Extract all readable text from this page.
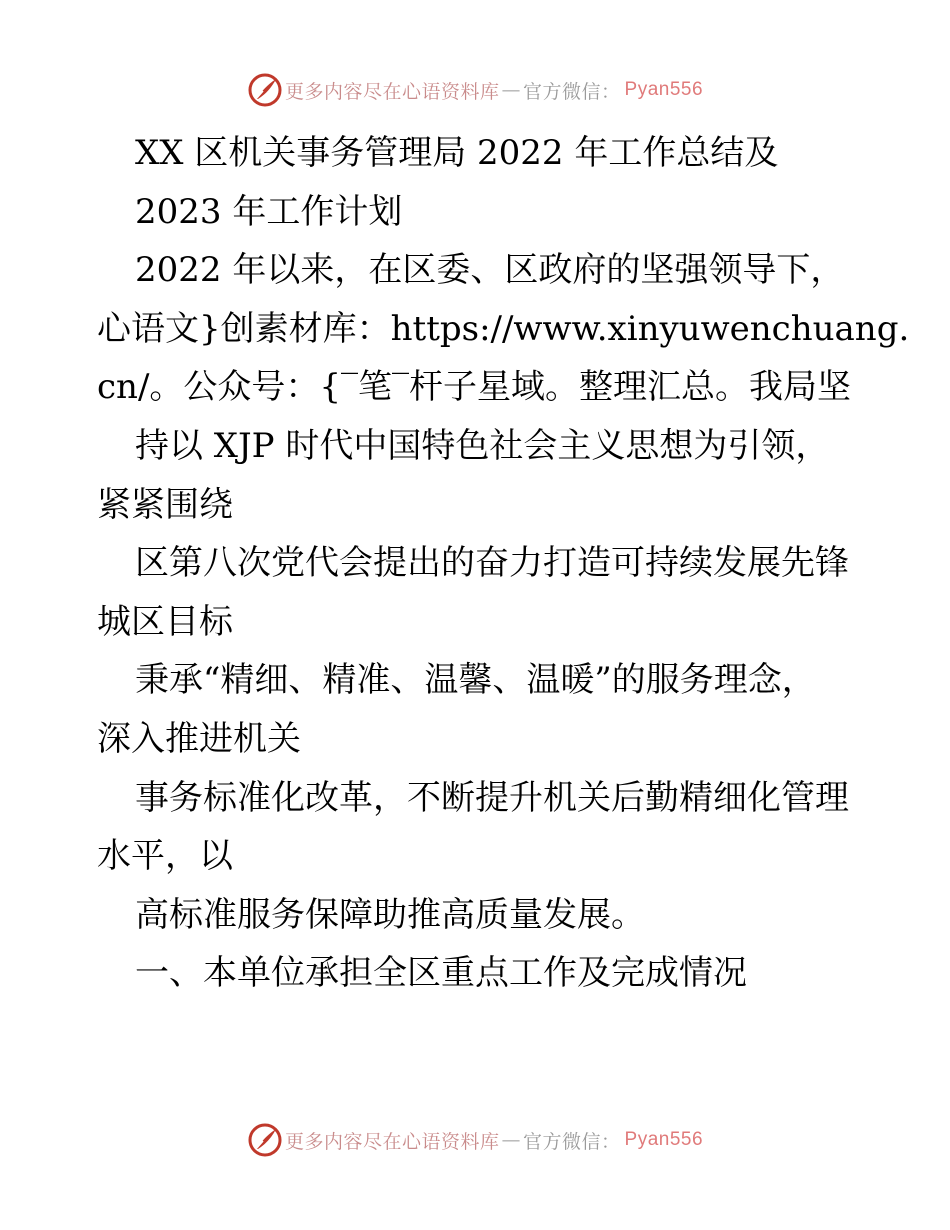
更多内容尽在心语资料库 — 官方微信 ： Pyan556
XX 区机关事务管理局 2022 年工作总结及
2023 年工作计划
2022 年以来，在区委、区政府的坚强领导下，
心语文}创素材库：https://www.xinyuwenchuang.
cn/。公众号：{‾笔‾杆子星域。整理汇总。我局坚
持以 XJP 时代中国特色社会主义思想为引领，
紧紧围绕
区第八次党代会提出的奋力打造可持续发展先锋
城区目标
秉承“精细、精准、温馨、温暖”的服务理念，
深入推进机关
事务标准化改革，不断提升机关后勤精细化管理
水平，以
高标准服务保障助推高质量发展。
一、本单位承担全区重点工作及完成情况
更多内容尽在心语资料库 — 官方微信 ： Pyan556
